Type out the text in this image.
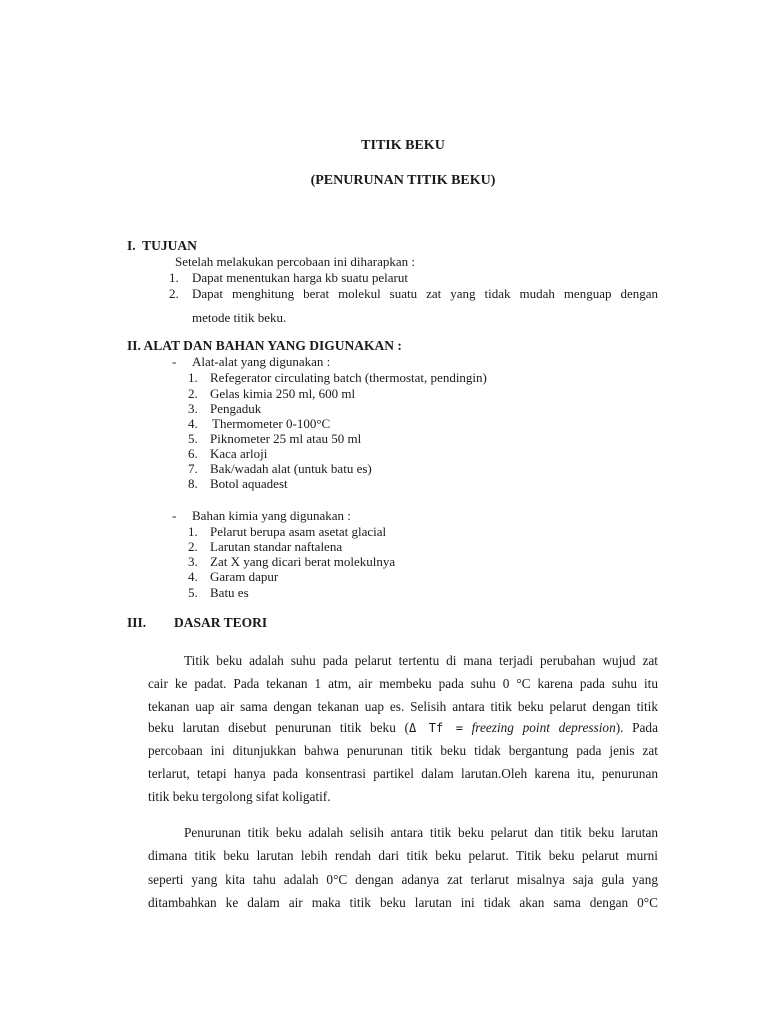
TITIK BEKU
(PENURUNAN TITIK BEKU)
I.  TUJUAN
Setelah melakukan percobaan ini diharapkan :
1. Dapat menentukan harga kb suatu pelarut
2. Dapat menghitung berat molekul suatu zat yang tidak mudah menguap dengan
metode titik beku.
II. ALAT DAN BAHAN YANG DIGUNAKAN :
- Alat-alat yang digunakan :
1. Refegerator circulating batch (thermostat, pendingin)
2. Gelas kimia 250 ml, 600 ml
3. Pengaduk
4. Thermometer 0-100°C
5. Piknometer 25 ml atau 50 ml
6. Kaca arloji
7. Bak/wadah alat (untuk batu es)
8. Botol aquadest
- Bahan kimia yang digunakan :
1. Pelarut berupa asam asetat glacial
2. Larutan standar naftalena
3. Zat X yang dicari berat molekulnya
4. Garam dapur
5. Batu es
III. DASAR TEORI
Titik beku adalah suhu pada pelarut tertentu di mana terjadi perubahan wujud zat
cair ke padat. Pada tekanan 1 atm, air membeku pada suhu 0 °C karena pada suhu itu
tekanan uap air sama dengan tekanan uap es. Selisih antara titik beku pelarut dengan titik
beku larutan disebut penurunan titik beku (Δ Tf = freezing point depression). Pada
percobaan ini ditunjukkan bahwa penurunan titik beku tidak bergantung pada jenis zat
terlarut, tetapi hanya pada konsentrasi partikel dalam larutan.Oleh karena itu, penurunan
titik beku tergolong sifat koligatif.
Penurunan titik beku adalah selisih antara titik beku pelarut dan titik beku larutan
dimana titik beku larutan lebih rendah dari titik beku pelarut. Titik beku pelarut murni
seperti yang kita tahu adalah 0°C dengan adanya zat terlarut misalnya saja gula yang
ditambahkan ke dalam air maka titik beku larutan ini tidak akan sama dengan 0°C
